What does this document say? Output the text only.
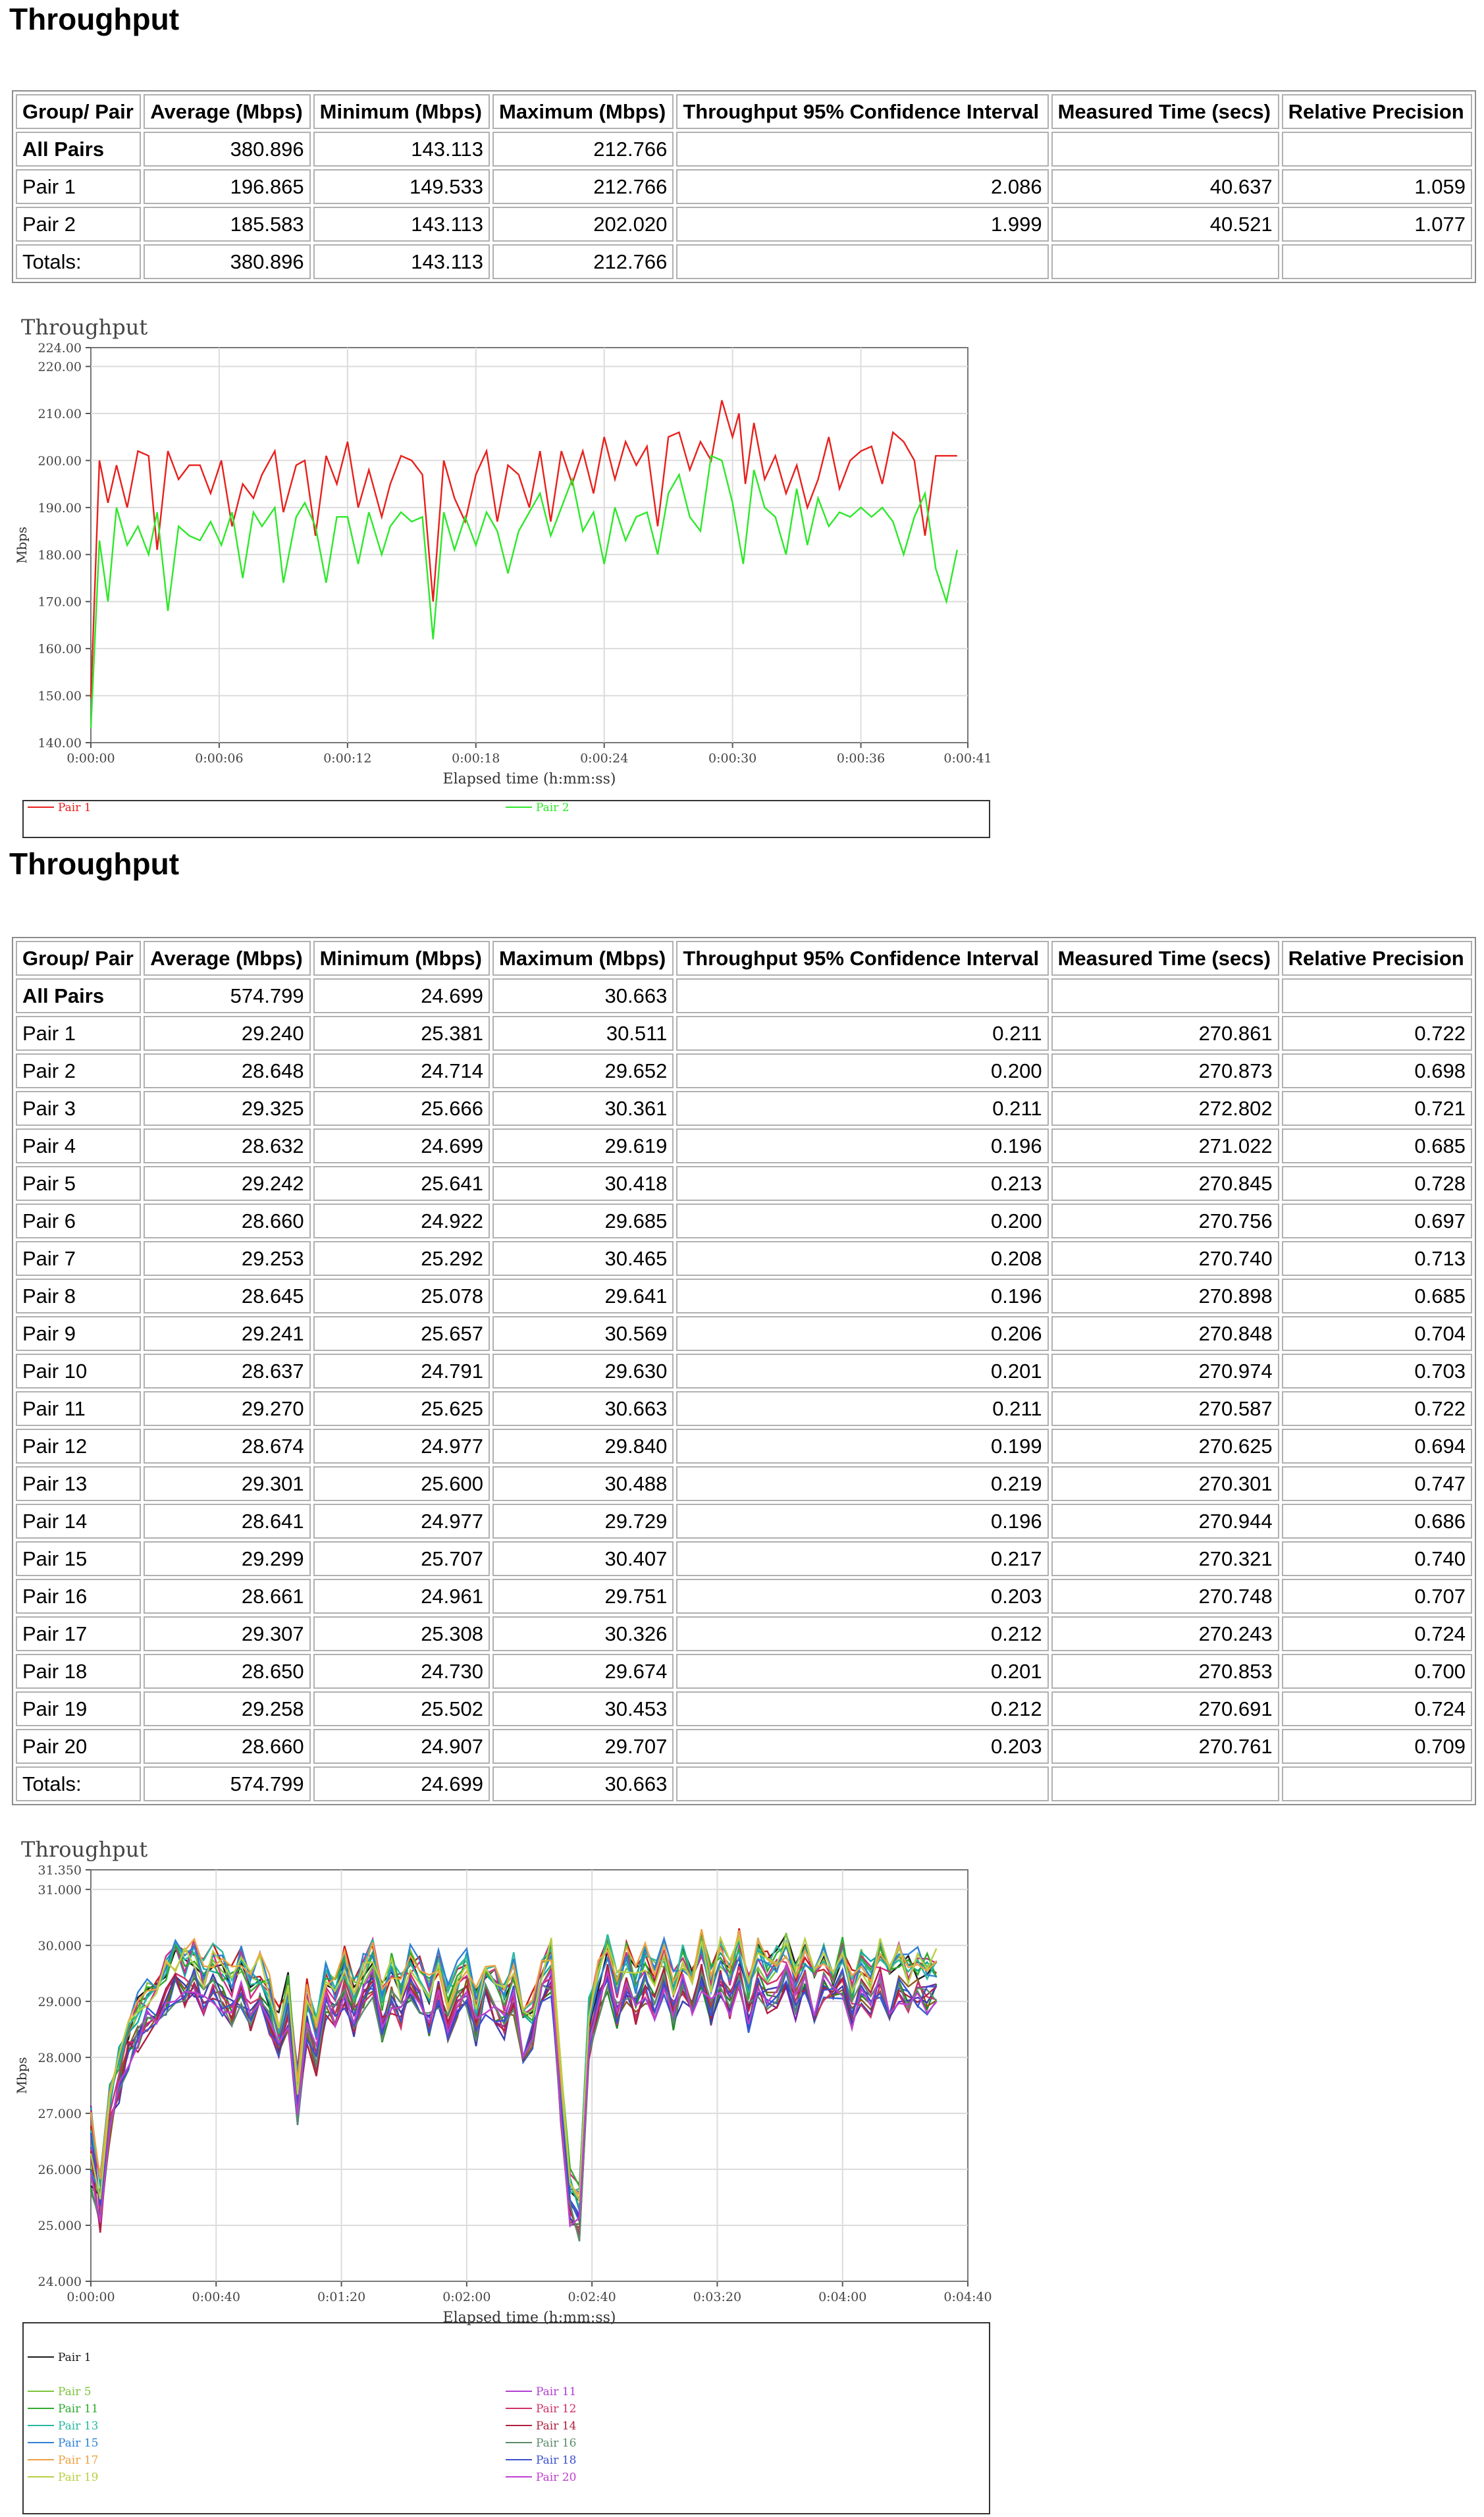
Throughput
Group/ Pair	Average (Mbps)	Minimum (Mbps)	Maximum (Mbps)	Throughput 95% Confidence Interval	Measured Time (secs)	Relative Precision
All Pairs	380.896	143.113	212.766			
Pair 1	196.865	149.533	212.766	2.086	40.637	1.059
Pair 2	185.583	143.113	202.020	1.999	40.521	1.077
Totals:	380.896	143.113	212.766			
Throughput
140.00
150.00
160.00
170.00
180.00
190.00
200.00
210.00
220.00
224.00
0:00:00	0:00:06	0:00:12	0:00:18	0:00:24	0:00:30	0:00:36	0:00:41
Elapsed time (h:mm:ss)
Mbps
Pair 1	Pair 2
Throughput
Group/ Pair	Average (Mbps)	Minimum (Mbps)	Maximum (Mbps)	Throughput 95% Confidence Interval	Measured Time (secs)	Relative Precision
All Pairs	574.799	24.699	30.663			
Pair 1	29.240	25.381	30.511	0.211	270.861	0.722
Pair 2	28.648	24.714	29.652	0.200	270.873	0.698
Pair 3	29.325	25.666	30.361	0.211	272.802	0.721
Pair 4	28.632	24.699	29.619	0.196	271.022	0.685
Pair 5	29.242	25.641	30.418	0.213	270.845	0.728
Pair 6	28.660	24.922	29.685	0.200	270.756	0.697
Pair 7	29.253	25.292	30.465	0.208	270.740	0.713
Pair 8	28.645	25.078	29.641	0.196	270.898	0.685
Pair 9	29.241	25.657	30.569	0.206	270.848	0.704
Pair 10	28.637	24.791	29.630	0.201	270.974	0.703
Pair 11	29.270	25.625	30.663	0.211	270.587	0.722
Pair 12	28.674	24.977	29.840	0.199	270.625	0.694
Pair 13	29.301	25.600	30.488	0.219	270.301	0.747
Pair 14	28.641	24.977	29.729	0.196	270.944	0.686
Pair 15	29.299	25.707	30.407	0.217	270.321	0.740
Pair 16	28.661	24.961	29.751	0.203	270.748	0.707
Pair 17	29.307	25.308	30.326	0.212	270.243	0.724
Pair 18	28.650	24.730	29.674	0.201	270.853	0.700
Pair 19	29.258	25.502	30.453	0.212	270.691	0.724
Pair 20	28.660	24.907	29.707	0.203	270.761	0.709
Totals:	574.799	24.699	30.663			
Throughput
24.000
25.000
26.000
27.000
28.000
29.000
30.000
31.000
31.350
0:00:00	0:00:40	0:01:20	0:02:00	0:02:40	0:03:20	0:04:00	0:04:40
Elapsed time (h:mm:ss)
Mbps
Pair 1
Pair 5
Pair 11
Pair 13
Pair 15
Pair 17
Pair 19
Pair 11
Pair 12
Pair 14
Pair 16
Pair 18
Pair 20
